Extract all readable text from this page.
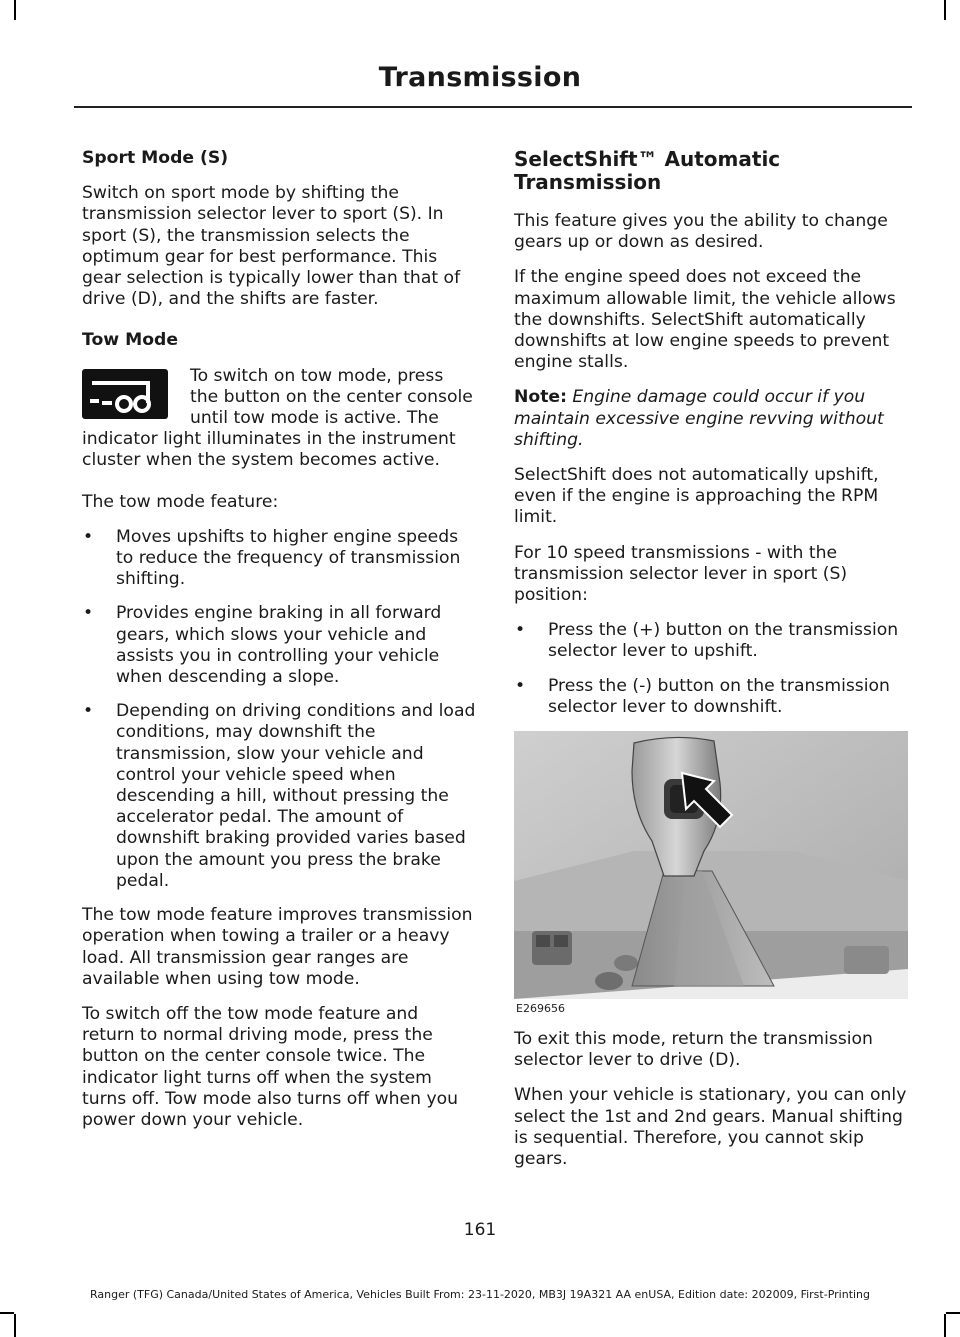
Transmission
Sport Mode (S)

Switch on sport mode by shifting the transmission selector lever to sport (S). In sport (S), the transmission selects the optimum gear for best performance. This gear selection is typically lower than that of drive (D), and the shifts are faster.

Tow Mode

To switch on tow mode, press the button on the center console until tow mode is active. The indicator light illuminates in the instrument cluster when the system becomes active.

The tow mode feature:

• Moves upshifts to higher engine speeds to reduce the frequency of transmission shifting.
• Provides engine braking in all forward gears, which slows your vehicle and assists you in controlling your vehicle when descending a slope.
• Depending on driving conditions and load conditions, may downshift the transmission, slow your vehicle and control your vehicle speed when descending a hill, without pressing the accelerator pedal. The amount of downshift braking provided varies based upon the amount you press the brake pedal.

The tow mode feature improves transmission operation when towing a trailer or a heavy load. All transmission gear ranges are available when using tow mode.

To switch off the tow mode feature and return to normal driving mode, press the button on the center console twice. The indicator light turns off when the system turns off. Tow mode also turns off when you power down your vehicle.

SelectShift™ Automatic Transmission

This feature gives you the ability to change gears up or down as desired.

If the engine speed does not exceed the maximum allowable limit, the vehicle allows the downshifts. SelectShift automatically downshifts at low engine speeds to prevent engine stalls.

Note: Engine damage could occur if you maintain excessive engine revving without shifting.

SelectShift does not automatically upshift, even if the engine is approaching the RPM limit.

For 10 speed transmissions - with the transmission selector lever in sport (S) position:

• Press the (+) button on the transmission selector lever to upshift.
• Press the (-) button on the transmission selector lever to downshift.
E269656

To exit this mode, return the transmission selector lever to drive (D).

When your vehicle is stationary, you can only select the 1st and 2nd gears. Manual shifting is sequential. Therefore, you cannot skip gears.

161
Ranger (TFG) Canada/United States of America, Vehicles Built From: 23-11-2020, MB3J 19A321 AA enUSA, Edition date: 202009, First-Printing
